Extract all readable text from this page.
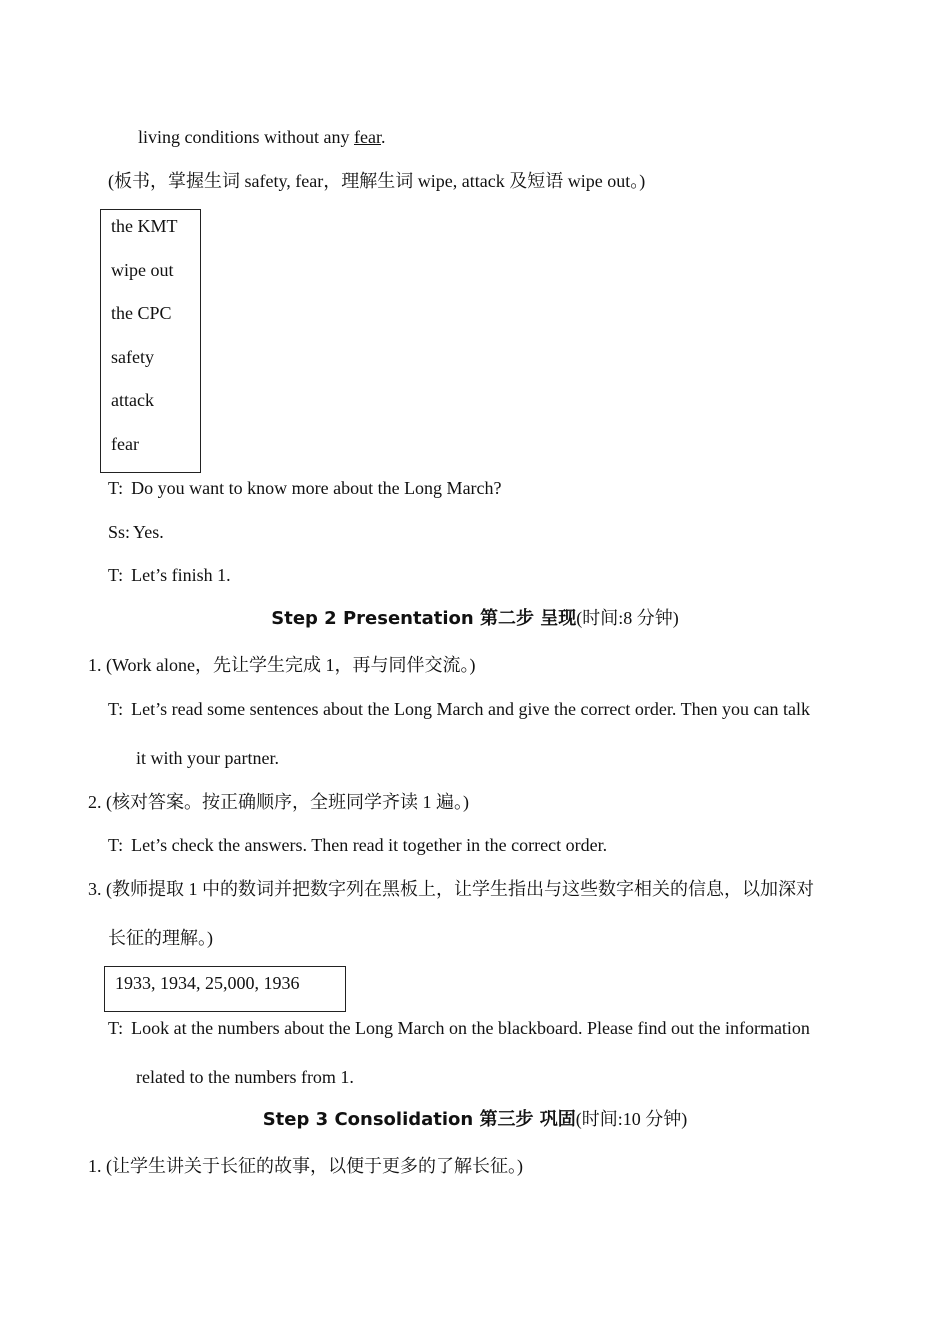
living conditions without any fear.
(板书，掌握生词 safety, fear，理解生词 wipe, attack 及短语 wipe out。)
the KMT
wipe out
the CPC
safety
attack
fear
T: Do you want to know more about the Long March?
Ss: Yes.
T: Let’s finish 1.
Step 2 Presentation 第二步 呈现(时间:8 分钟)
1. (Work alone，先让学生完成 1，再与同伴交流。)
T: Let’s read some sentences about the Long March and give the correct order. Then you can talk
it with your partner.
2. (核对答案。按正确顺序，全班同学齐读 1 遍。)
T: Let’s check the answers. Then read it together in the correct order.
3. (教师提取 1 中的数词并把数字列在黑板上，让学生指出与这些数字相关的信息，以加深对
长征的理解。)
1933, 1934, 25,000, 1936
T: Look at the numbers about the Long March on the blackboard. Please find out the information
related to the numbers from 1.
Step 3 Consolidation 第三步 巩固(时间:10 分钟)
1. (让学生讲关于长征的故事，以便于更多的了解长征。)
